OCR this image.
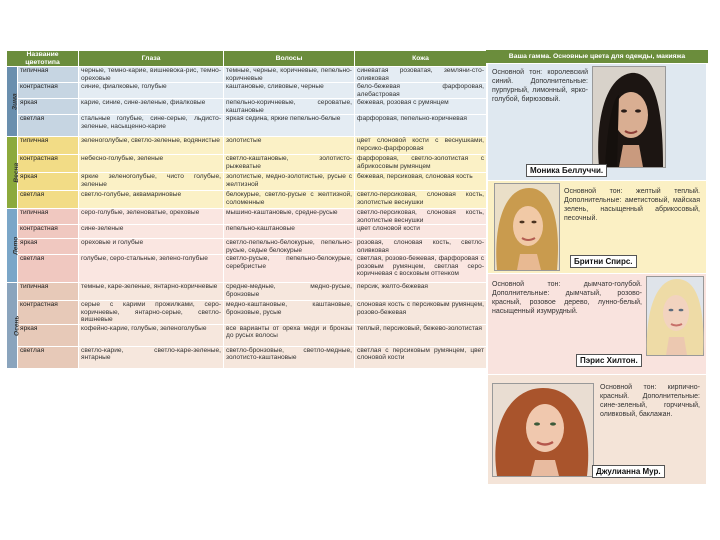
Название цветотипа		Глаза	Волосы	Кожа
Зима	типичная	черные, темно-карие, вишневока-рис, темно-ореховые	темные, черные, коричневые, пепельно-коричневые	синеватая розоватая, земляни-сто-оливковая
	контрастная	синие, фиалковые, голубые	каштановые, сливовые, черные	бело-бежевая фарфоровая, алебастровая
	яркая	карие, синие, сине-зеленые, фиалковые	пепельно-коричневые, сероватые, каштановые	бежевая, розовая с румянцем
	светлая	стальные голубые, сине-серые, льдисто-зеленые, насыщенно-карие	яркая седина, яркие пепельно-белые	фарфоровая, пепельно-коричневая
Весна	типичная	зеленоголубые, светло-зеленые, водянистые	золотистые	цвет слоновой кости с веснушками, персико-фарфоровая
	контрастная	небесно-голубые, зеленые	светло-каштановые, золотисто-рыжеватые	фарфоровая, светло-золотистая с абрикосовым румянцем
	яркая	яркие зеленоголубые, чисто голубые, зеленые	золотистые, медно-золотистые, русые с желтизной	бежевая, персиковая, слоновая кость
	светлая	светло-голубые, аквамариновые	белокурые, светло-русые с желтизной, соломенные	светло-персиковая, слоновая кость, золотистые веснушки
Лето	типичная	серо-голубые, зеленоватые, ореховые	мышино-каштановые, средне-русые	светло-персиковая, слоновая кость, золотистые веснушки
	контрастная	сине-зеленые	пепельно-каштановые	цвет слоновой кости
	яркая	ореховые и голубые	светло-пепельно-белокурые, пепельно-русые, седые белокурые	розовая, слоновая кость, светло-оливковая
	светлая	голубые, серо-стальные, зелено-голубые	светло-русые, пепельно-белокурые, серебристые	светлая, розово-бежевая, фарфоровая с розовым румянцем, светлая серо-коричневая с восковым оттенком
Осень	типичная	темные, каре-зеленые, янтарно-коричневые	средне-медные, медно-русые, бронзовые	персик, желто-бежевая
	контрастная	серые с карими прожилками, серо-коричневые, янтарно-серые, светло-вишневые	медно-каштановые, каштановые, бронзовые, русые	слоновая кость с персиковым румянцем, розово-бежевая
	яркая	кофейно-карие, голубые, зеленоголубые	все варианты от ореха меди и бронзы до русых волосы	теплый, персиковый, бежево-золотистая
	светлая	светло-карие, светло-каре-зеленые, янтарные	светло-бронзовые, светло-медные, золотисто-каштановые	светлая с персиковым румянцем, цвет слоновой кости
Ваша гамма. Основные цвета для одежды, макияжа
Основной тон: королевский синий. Дополнительные: пурпурный, лимонный, ярко-голубой, бирюзовый.
Моника Беллуччи.
Основной тон: желтый теплый. Дополнительные: аметистовый, майская зелень, насыщенный абрикосовый, песочный.
Бритни Спирс.
Основной тон: дымчато-голубой. Дополнительные: дымчатый, розово-красный, розовое дерево, лунно-белый, насыщенный изумрудный.
Пэрис Хилтон.
Основной тон: кирпично-красный. Дополнительные: сине-зеленый, горчичный, оливковый, баклажан.
Джулианна Мур.
